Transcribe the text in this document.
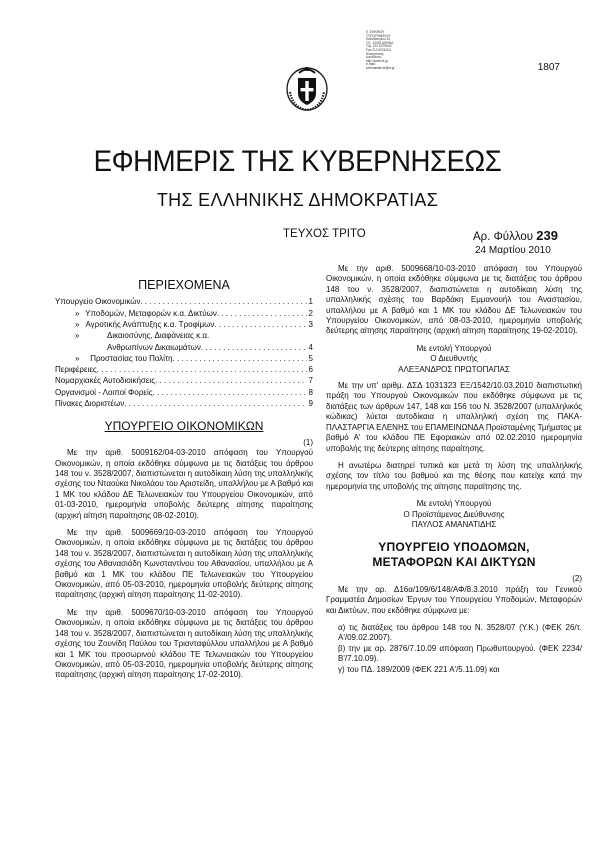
Ε. ΕΘΝΙΚΟΥ
ΤΥΠΟΓΡΑΦΕΙΟΥ
Καποδιστρίου 34
Τ.Κ. 10432 ΑΘΗΝΑ
Τηλ. 210 5279000
Fax 210 5221004
Ηλεκτρονική
Διεύθυνση:
http://www.et.gr
e-mail:
webmaster.et@et.gr	1807
ΕΦΗΜΕΡΙΣ ΤΗΣ ΚΥΒΕΡΝΗΣΕΩΣ
ΤΗΣ ΕΛΛΗΝΙΚΗΣ ΔΗΜΟΚΡΑΤΙΑΣ
ΤΕΥΧΟΣ ΤΡΙΤΟ	Αρ. Φύλλου 239
24 Μαρτίου 2010
ΠΕΡΙΕΧΟΜΕΝΑ
Υπουργείο Οικονομικών . . .	1
» Υποδομών, Μεταφορών κ.α. Δικτύων . . .	2
» Αγροτικής Ανάπτυξης κ.α. Τροφίμων . . .	3
»	Δικαιοσύνης, Διαφάνειας κ.α.
Ανθρωπίνων Δικαιωμάτων . . .	4
»	Προστασίας του Πολίτη . . .	5
Περιφέρειες . . .	6
Νομαρχιακές Αυτοδιοικήσεις . . .	7
Οργανισμοί - Λοιποί Φορείς . . .	8
Πίνακες Διοριστέων . . .	9
ΥΠΟΥΡΓΕΙΟ ΟΙΚΟΝΟΜΙΚΩΝ
(1)

Με την αριθ. 5009162/04-03-2010 απόφαση του Υπουργού Οικονομικών, η οποία εκδόθηκε σύμφωνα με τις διατάξεις του άρθρου 148 του ν. 3528/2007, διαπιστώνεται η αυτοδίκαιη λύση της υπαλληλικής σχέσης του Νταούκα Νικολάου του Αριστείδη, υπαλλήλου με Α βαθμό και 1 ΜΚ του κλάδου ΔΕ Τελωνειακών του Υπουργείου Οικονομικών, από 01-03-2010, ημερομηνία υποβολής δεύτερης αίτησης παραίτησης (αρχική αίτηση παραίτησης 08-02-2010).

Με την αριθ. 5009669/10-03-2010 απόφαση του Υπουργού Οικονομικών, η οποία εκδόθηκε σύμφωνα με τις διατάξεις του άρθρου 148 του ν. 3528/2007, διαπιστώνεται η αυτοδίκαιη λύση της υπαλληλικής σχέσης του Αθανασιάδη Κωνσταντίνου του Αθανασίου, υπαλλήλου με Α βαθμό και 1 ΜΚ του κλάδου ΠΕ Τελωνειακών του Υπουργείου Οικονομικών, από 05-03-2010, ημερομηνία υποβολής δεύτερης αίτησης παραίτησης (αρχική αίτηση παραίτησης 11-02-2010).

Με την αριθ. 5009670/10-03-2010 απόφαση του Υπουργού Οικονομικών, η οποία εκδόθηκε σύμφωνα με τις διατάξεις του άρθρου 148 του ν. 3528/2007, διαπιστώνεται η αυτοδίκαιη λύση της υπαλληλικής σχέσης του Ζουνίδη Παύλου του Τριανταφύλλου υπαλλήλου με Α βαθμό και 1 ΜΚ του προσωρινού κλάδου ΤΕ Τελωνειακών του Υπουργείου Οικονομικών, από 05-03-2010, ημερομηνία υποβολής δεύτερης αίτησης παραίτησης (αρχική αίτηση παραίτησης 17-02-2010).

Με την αριθ. 5009668/10-03-2010 απόφαση του Υπουργού Οικονομικών, η οποία εκδόθηκε σύμφωνα με τις διατάξεις του άρθρου 148 του ν. 3528/2007, διαπιστώνεται η αυτοδίκαιη λύση της υπαλληλικής σχέσης του Βαρδάκη Εμμανουήλ του Αναστασίου, υπαλλήλου με Α βαθμό και 1 ΜΚ του κλάδου ΔΕ Τελωνειακών του Υπουργείου Οικονομικών, από 08-03-2010, ημερομηνία υποβολής δεύτερης αίτησης παραίτησης (αρχική αίτηση παραίτησης 19-02-2010).

Με εντολή Υπουργού
Ο Διευθυντής
ΑΛΕΞΑΝΔΡΟΣ ΠΡΩΤΟΠΑΠΑΣ

Με την υπ' αριθμ. ΔΣΔ 1031323 ΕΞ/1542/10.03.2010 διαπιστωτική πράξη του Υπουργού Οικονομικών που εκδόθηκε σύμφωνα με τις διατάξεις των άρθρων 147, 148 και 156 του Ν. 3528/2007 (υπαλληλικός κώδικας) λύεται αυτοδίκαια η υπαλληλική σχέση της ΠΑΚΑ-ΠΛΑΣΤΑΡΓΙΑ ΕΛΕΝΗΣ του ΕΠΑΜΕΙΝΩΝΔΑ Προϊσταμένης Τμήματος με βαθμό Α' του κλάδου ΠΕ Εφοριακών από 02.02.2010 ημερομηνία υποβολής της δεύτερης αίτησης παραίτησης.

Η ανωτέρω διατηρεί τυπικά και μετά τη λύση της υπαλληλικής σχέσης τον τίτλο του βαθμού και της θέσης που κατείχε κατά την ημερομηνία της υποβολής της αίτησης παραίτησης της.

Με εντολή Υπουργού
Ο Προϊστάμενος Διεύθυνσης
ΠΑΥΛΟΣ ΑΜΑΝΑΤΙΔΗΣ
ΥΠΟΥΡΓΕΙΟ ΥΠΟΔΟΜΩΝ,
ΜΕΤΑΦΟΡΩΝ ΚΑΙ ΔΙΚΤΥΩΝ
(2)

Με την αρ. Δ16α/109/6/148/ΑΦ/8.3.2010 πράξη του Γενικού Γραμματέα Δημοσίων Έργων του Υπουργείου Υποδομών, Μεταφορών και Δικτύων, που εκδόθηκε σύμφωνα με:

α) τις διατάξεις του άρθρου 148 του Ν. 3528/07 (Υ.Κ.) (ΦΕΚ 26/τ. Α'/09.02.2007).

β) την με αρ. 2876/7.10.09 απόφαση Πρωθυπουργού. (ΦΕΚ 2234/Β'/7.10.09).

γ) του ΠΔ. 189/2009 (ΦΕΚ 221 Α'/5.11.09) και
